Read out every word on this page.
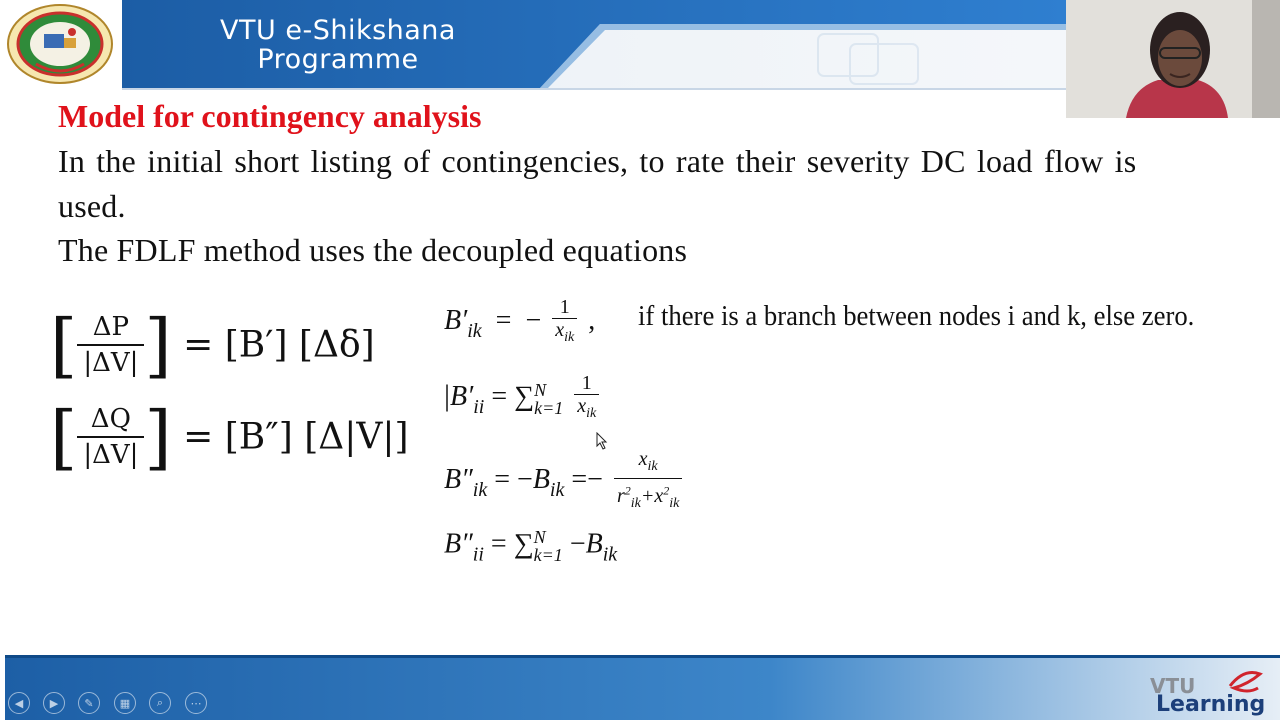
VTU e-Shikshana
Programme
Model for contingency analysis
In the initial short listing of contingencies, to rate their severity DC load flow is
used.
The FDLF method uses the decoupled equations
[ $\frac{\Delta P}{|\Delta V|}$ ] = [B′] [Δδ]
[ $\frac{\Delta Q}{|\Delta V|}$ ] = [B″] [Δ|V|]
$B'_{ik}$ = − $\frac{1}{x_{ik}}$ , if there is a branch between nodes i and k, else zero.
$|B'_{ii}$ = ∑ N
k=1
$\frac{1}{x_{ik}}$
$B''_{ik} = -B_{ik} =- \frac{x_{ik}}{r^2_{ik}+x^2_{ik}}$
$B''_{ii}$ = ∑ N
$k=1 -B_{ik}$
◀ ▶ ✎ ▦ ⌕ ⋯
VTU
Learning
